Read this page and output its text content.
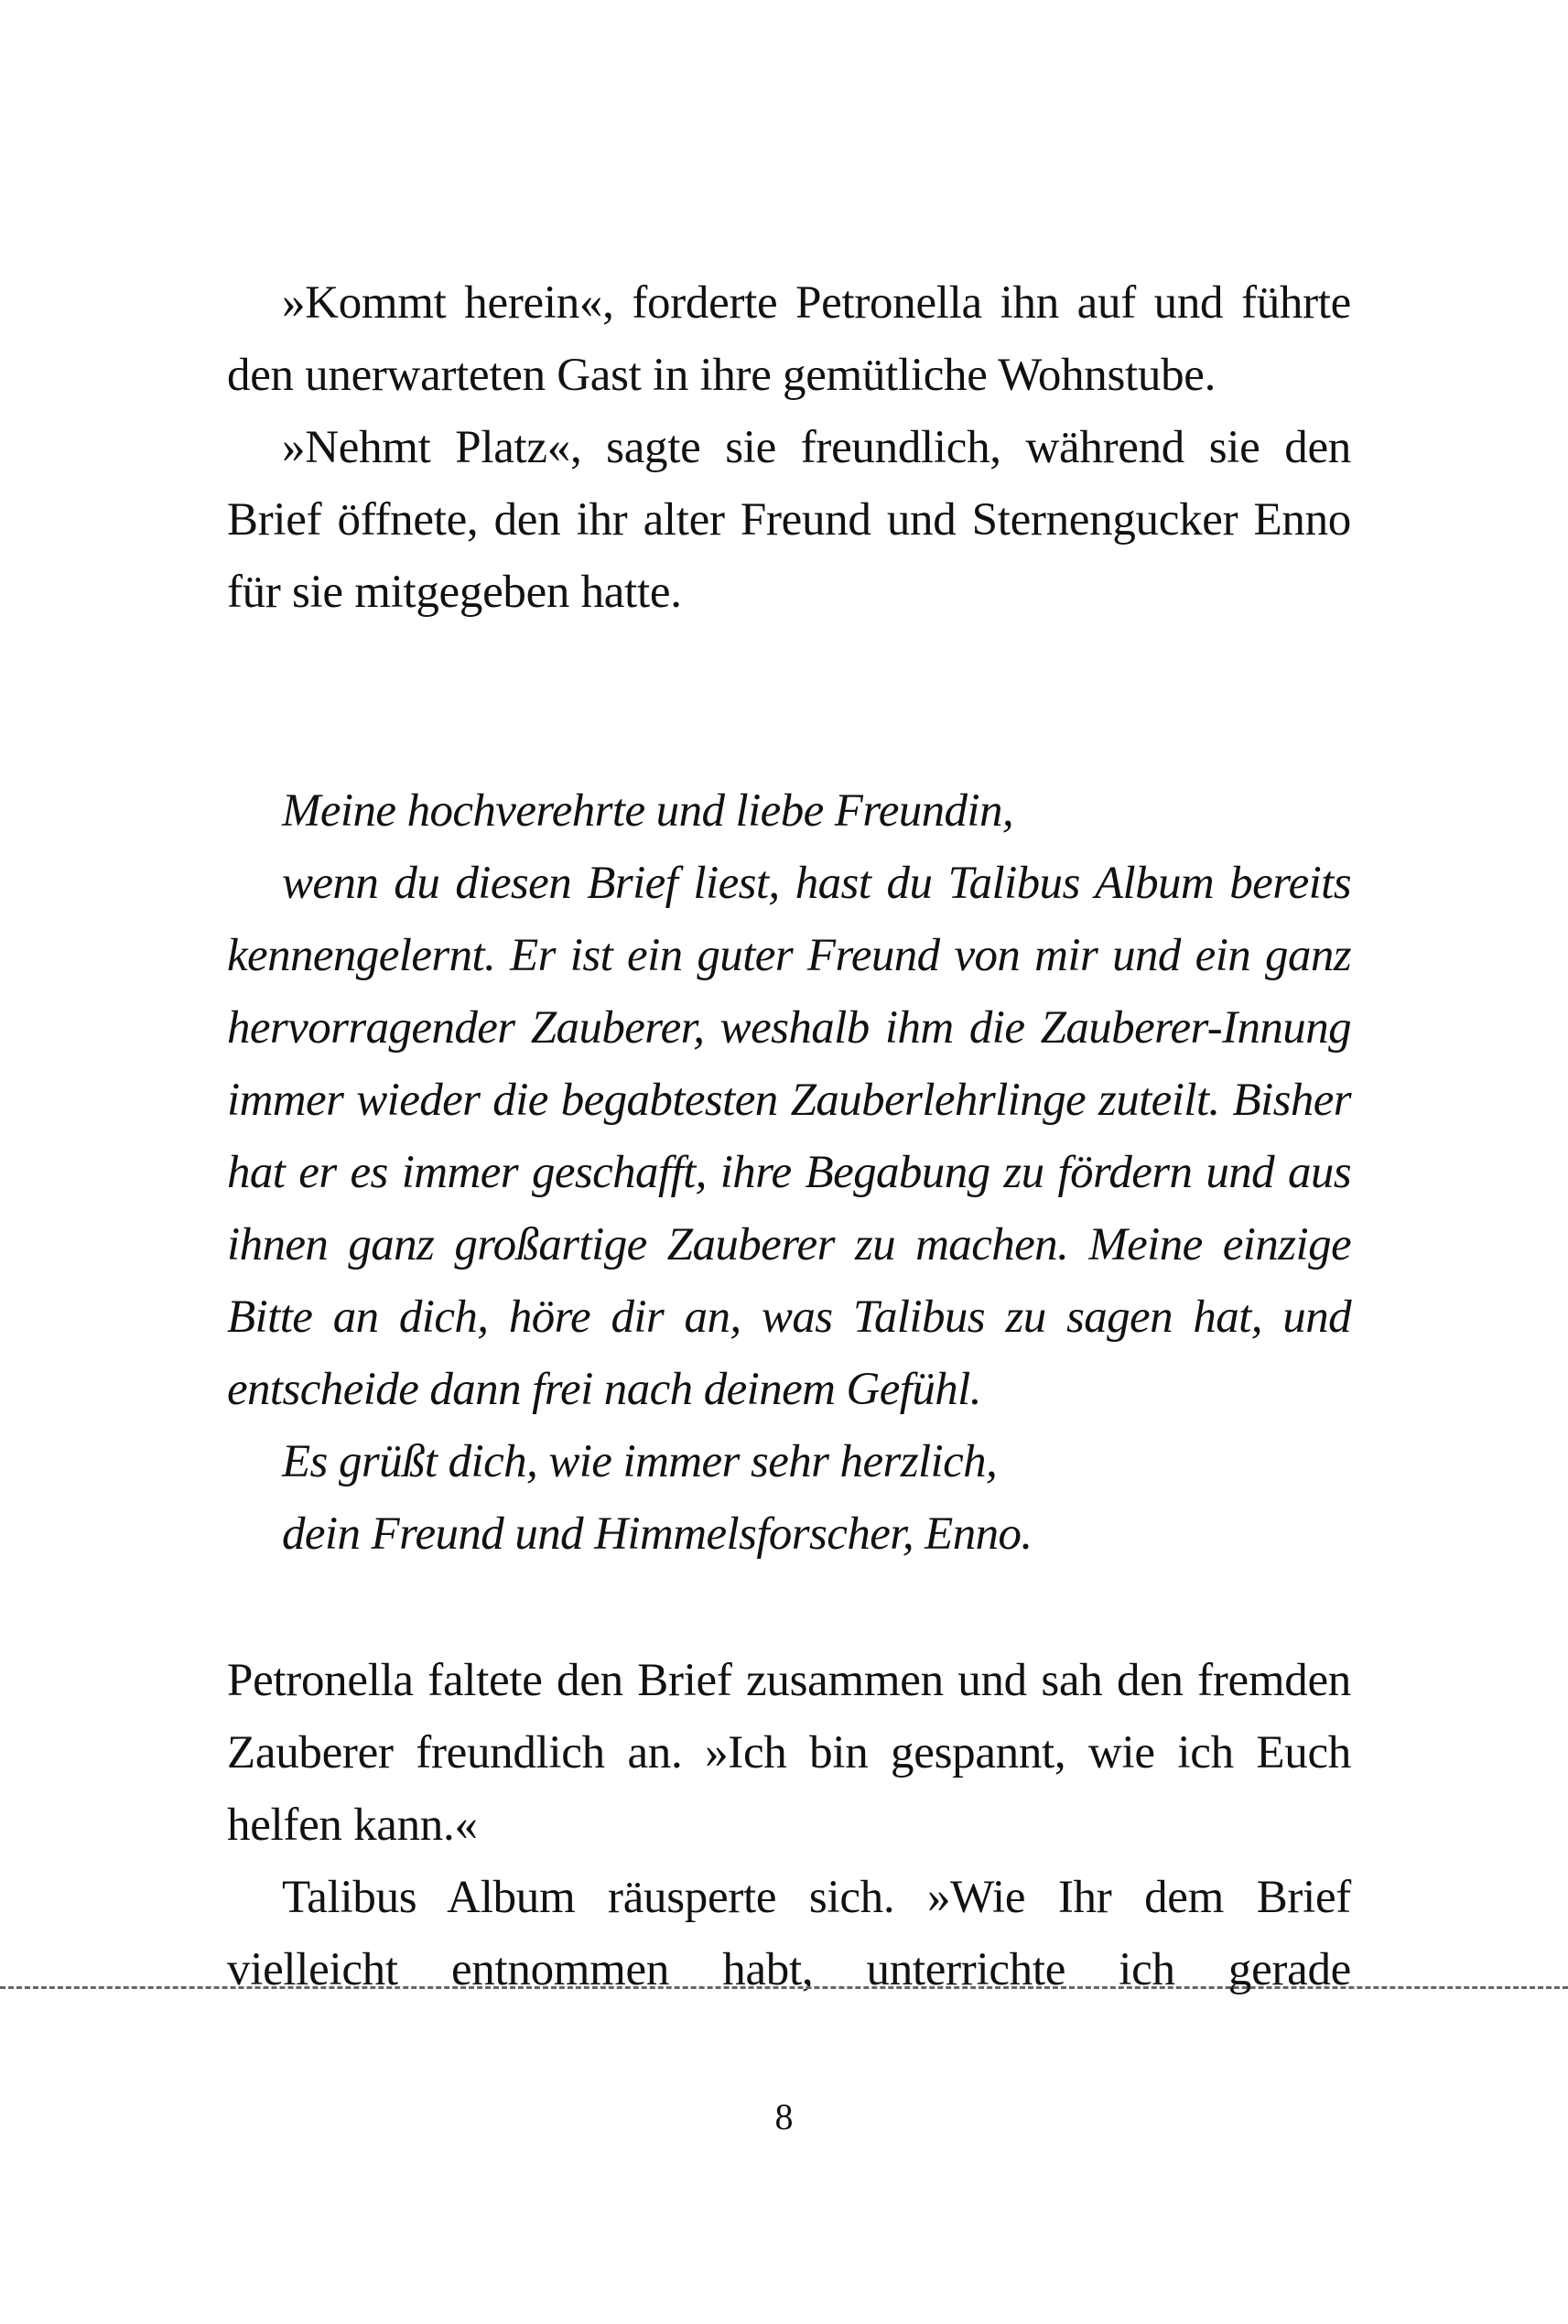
»Kommt herein«, forderte Petronella ihn auf und führte den unerwarteten Gast in ihre gemütliche Wohnstube.

»Nehmt Platz«, sagte sie freundlich, während sie den Brief öffnete, den ihr alter Freund und Sternengucker Enno für sie mitgegeben hatte.

Meine hochverehrte und liebe Freundin,

wenn du diesen Brief liest, hast du Talibus Album bereits kennengelernt. Er ist ein guter Freund von mir und ein ganz hervorragender Zauberer, weshalb ihm die Zauberer-Innung immer wieder die begabtesten Zauberlehrlinge zuteilt. Bisher hat er es immer geschafft, ihre Begabung zu fördern und aus ihnen ganz großartige Zauberer zu machen. Meine einzige Bitte an dich, höre dir an, was Talibus zu sagen hat, und entscheide dann frei nach deinem Gefühl.

Es grüßt dich, wie immer sehr herzlich,

dein Freund und Himmelsforscher, Enno.

Petronella faltete den Brief zusammen und sah den fremden Zauberer freundlich an. »Ich bin gespannt, wie ich Euch helfen kann.«

Talibus Album räusperte sich. »Wie Ihr dem Brief vielleicht entnommen habt, unterrichte ich gerade

8
